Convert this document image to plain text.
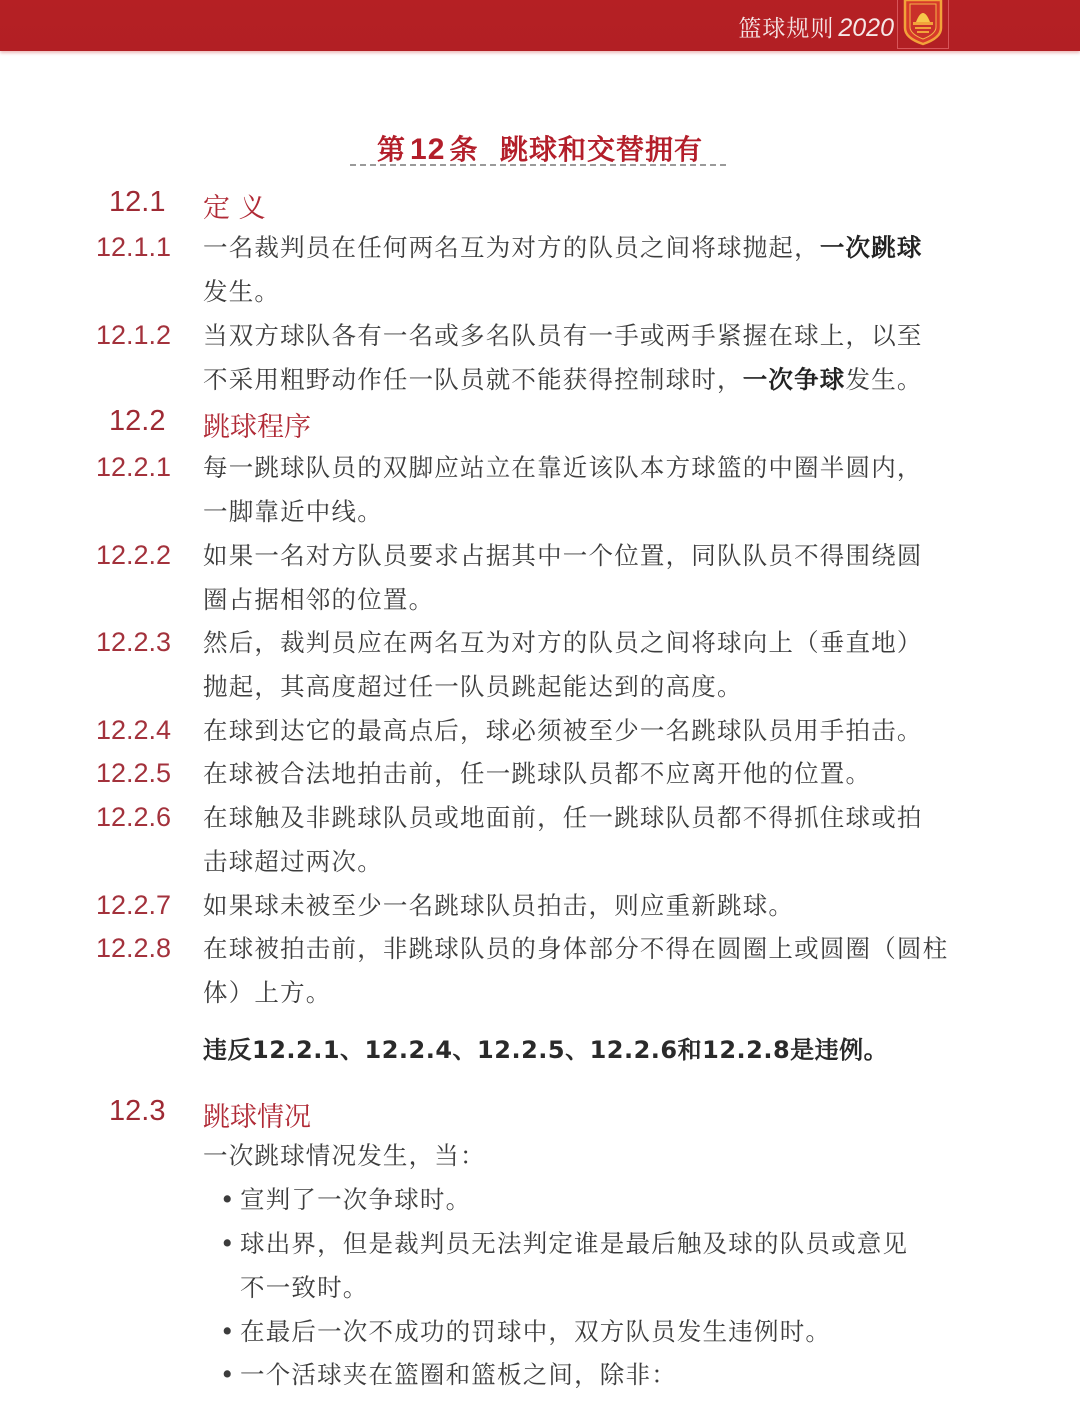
篮球规则 2020
第 12 条 跳球和交替拥有
12.1 定 义
12.1.1 一名裁判员在任何两名互为对方的队员之间将球抛起，一次跳球
发生。
12.1.2 当双方球队各有一名或多名队员有一手或两手紧握在球上，以至
不采用粗野动作任一队员就不能获得控制球时，一次争球发生。
12.2 跳球程序
12.2.1 每一跳球队员的双脚应站立在靠近该队本方球篮的中圈半圆内，
一脚靠近中线。
12.2.2 如果一名对方队员要求占据其中一个位置，同队队员不得围绕圆
圈占据相邻的位置。
12.2.3 然后，裁判员应在两名互为对方的队员之间将球向上（垂直地）
抛起，其高度超过任一队员跳起能达到的高度。
12.2.4 在球到达它的最高点后，球必须被至少一名跳球队员用手拍击。
12.2.5 在球被合法地拍击前，任一跳球队员都不应离开他的位置。
12.2.6 在球触及非跳球队员或地面前，任一跳球队员都不得抓住球或拍
击球超过两次。
12.2.7 如果球未被至少一名跳球队员拍击，则应重新跳球。
12.2.8 在球被拍击前，非跳球队员的身体部分不得在圆圈上或圆圈（圆柱
体）上方。
违反12.2.1、12.2.4、12.2.5、12.2.6和12.2.8是违例。
12.3 跳球情况
一次跳球情况发生，当：
• 宣判了一次争球时。
• 球出界，但是裁判员无法判定谁是最后触及球的队员或意见
不一致时。
• 在最后一次不成功的罚球中，双方队员发生违例时。
• 一个活球夹在篮圈和篮板之间，除非：
